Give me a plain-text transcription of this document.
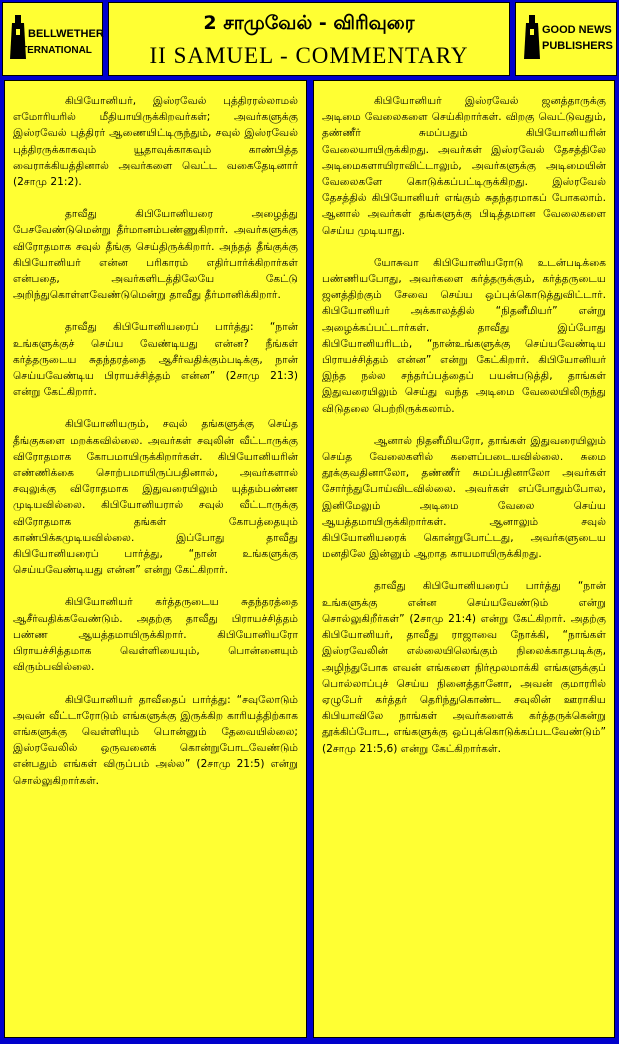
BELLWETHER
INTERNATIONAL
2 சாமுவேல் - விரிவுரை
II SAMUEL - COMMENTARY
GOOD NEWS
PUBLISHERS

கிபியோனியர், இஸ்ரவேல் புத்திரரல்லாமல் எமோரியரில் மீதியாயிருக்கிறவர்கள்; அவர்களுக்கு இஸ்ரவேல் புத்திரர் ஆணையிட்டிருந்தும், சவுல் இஸ்ரவேல் புத்திரருக்காகவும் யூதாவுக்காகவும் காண்பித்த வைராக்கியத்தினால் அவர்களை வெட்ட வகைதேடினார் (2சாமு 21:2).

தாவீது கிபியோனியரை அழைத்து பேசவேண்டுமென்று தீர்மானம்பண்ணுகிறார். அவர்களுக்கு விரோதமாக சவுல் தீங்கு செய்திருக்கிறார். அந்தத் தீங்குக்கு கிபியோனியர் என்ன பரிகாரம் எதிர்பார்க்கிறார்கள் என்பதை, அவர்களிடத்திலேயே கேட்டு அறிந்துகொள்ளவேண்டுமென்று தாவீது தீர்மானிக்கிறார்.

தாவீது கிபியோனியரைப் பார்த்து: “நான் உங்களுக்குச் செய்ய வேண்டியது என்ன? நீங்கள் கர்த்தருடைய சுதந்தரத்தை ஆசீர்வதிக்கும்படிக்கு, நான் செய்யவேண்டிய பிராயச்சித்தம் என்ன” (2சாமு 21:3) என்று கேட்கிறார்.

கிபியோனியரும், சவுல் தங்களுக்கு செய்த தீங்குகளை மறக்கவில்லை. அவர்கள் சவுலின் வீட்டாருக்கு விரோதமாக கோபமாயிருக்கிறார்கள். கிபியோனியரின் எண்ணிக்கை சொற்பமாயிருப்பதினால், அவர்களால் சவுலுக்கு விரோதமாக இதுவரையிலும் யுத்தம்பண்ண முடியவில்லை. கிபியோனியரால் சவுல் வீட்டாருக்கு விரோதமாக தங்கள் கோபத்தையும் காண்பிக்கமுடியவில்லை. இப்போது தாவீது கிபியோனியரைப் பார்த்து, “நான் உங்களுக்கு செய்யவேண்டியது என்ன” என்று கேட்கிறார்.

கிபியோனியர் கர்த்தருடைய சுதந்தரத்தை ஆசீர்வதிக்கவேண்டும். அதற்கு தாவீது பிராயச்சித்தம் பண்ண ஆயத்தமாயிருக்கிறார். கிபியோனியரோ பிராயச்சித்தமாக வெள்ளியையும், பொன்னையும் விரும்பவில்லை.

கிபியோனியர் தாவீதைப் பார்த்து: “சவுலோடும் அவன் வீட்டாரோடும் எங்களுக்கு இருக்கிற காரியத்திற்காக எங்களுக்கு வெள்ளியும் பொன்னும் தேவையில்லை; இஸ்ரவேலில் ஒருவனைக் கொன்றுபோடவேண்டும் என்பதும் எங்கள் விருப்பம் அல்ல” (2சாமு 21:5) என்று சொல்லுகிறார்கள்.

கிபியோனியர் இஸ்ரவேல் ஜனத்தாருக்கு அடிமை வேலைகளை செய்கிறார்கள். விறகு வெட்டுவதும், தண்ணீர் சுமப்பதும் கிபியோனியரின் வேலையாயிருக்கிறது. அவர்கள் இஸ்ரவேல் தேசத்திலே அடிமைகளாயிராவிட்டாலும், அவர்களுக்கு அடிமையின் வேலைகளே கொடுக்கப்பட்டிருக்கிறது. இஸ்ரவேல் தேசத்தில் கிபியோனியர் எங்கும் சுதந்தரமாகப் போகலாம். ஆனால் அவர்கள் தங்களுக்கு பிடித்தமான வேலைகளை செய்ய முடியாது.

யோசுவா கிபியோனியரோடு உடன்படிக்கை பண்ணியபோது, அவர்களை கர்த்தருக்கும், கர்த்தருடைய ஜனத்திற்கும் சேவை செய்ய ஒப்புக்கொடுத்துவிட்டார். கிபியோனியர் அக்காலத்தில் “நிதனீமியர்” என்று அழைக்கப்பட்டார்கள். தாவீது இப்போது கிபியோனியரிடம், “நான்உங்களுக்கு செய்யவேண்டிய பிராயச்சித்தம் என்ன” என்று கேட்கிறார். கிபியோனியர் இந்த நல்ல சந்தர்ப்பத்தைப் பயன்படுத்தி, தாங்கள் இதுவரையிலும் செய்து வந்த அடிமை வேலையிலிருந்து விடுதலை பெற்றிருக்கலாம்.

ஆனால் நிதனீமியரோ, தாங்கள் இதுவரையிலும் செய்த வேலைகளில் களைப்படையவில்லை. சுமை தூக்குவதினாலோ, தண்ணீர் சுமப்பதினாலோ அவர்கள் சோர்ந்துபோய்விடவில்லை. அவர்கள் எப்போதும்போல, இனிமேலும் அடிமை வேலை செய்ய ஆயத்தமாயிருக்கிறார்கள். ஆனாலும் சவுல் கிபியோனியரைக் கொன்றுபோட்டது, அவர்களுடைய மனதிலே இன்னும் ஆறாத காயமாயிருக்கிறது.

தாவீது கிபியோனியரைப் பார்த்து “நான் உங்களுக்கு என்ன செய்யவேண்டும் என்று சொல்லுகிறீர்கள்” (2சாமு 21:4) என்று கேட்கிறார். அதற்கு கிபியோனியர், தாவீது ராஜாவை நோக்கி, “நாங்கள் இஸ்ரவேலின் எல்லையிலெங்கும் நிலைக்காதபடிக்கு, அழிந்துபோக எவன் எங்களை நிர்மூலமாக்கி எங்களுக்குப் பொல்லாப்புச் செய்ய நினைத்தானோ, அவன் குமாரரில் ஏழுபேர் கர்த்தர் தெரிந்துகொண்ட சவுலின் ஊராகிய கிபியாவிலே நாங்கள் அவர்களைக் கர்த்தருக்கென்று தூக்கிப்போட, எங்களுக்கு ஒப்புக்கொடுக்கப்படவேண்டும்” (2சாமு 21:5,6) என்று கேட்கிறார்கள்.
